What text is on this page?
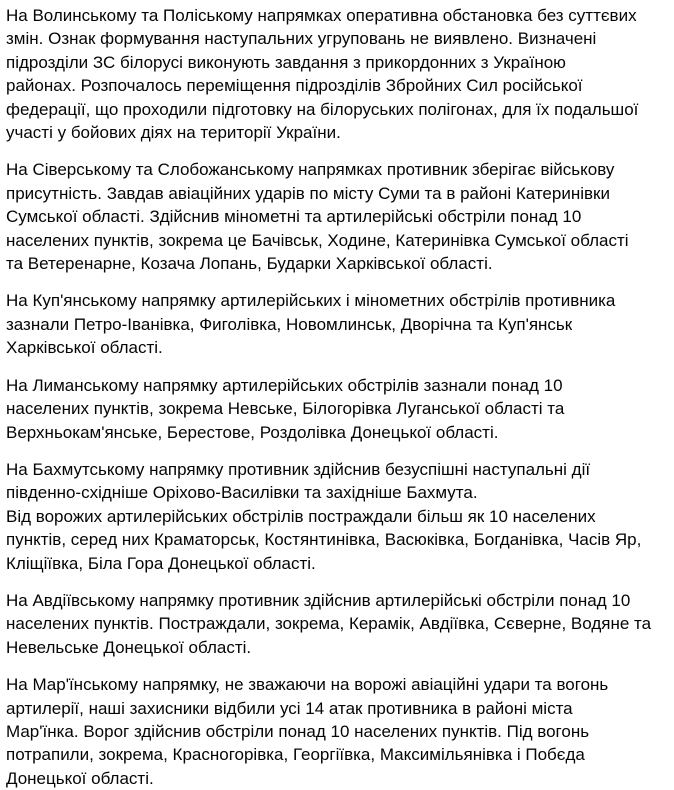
На Волинському та Поліському напрямках оперативна обстановка без суттєвих
змін. Ознак формування наступальних угруповань не виявлено. Визначені
підрозділи ЗС білорусі виконують завдання з прикордонних з Україною
районах. Розпочалось переміщення підрозділів Збройних Сил російської
федерації, що проходили підготовку на білоруських полігонах, для їх подальшої
участі у бойових діях на території України.
На Сіверському та Слобожанському напрямках противник зберігає військову
присутність. Завдав авіаційних ударів по місту Суми та в районі Катеринівки
Сумської області. Здійснив мінометні та артилерійські обстріли понад 10
населених пунктів, зокрема це Бачівськ, Ходине, Катеринівка Сумської області
та Ветеренарне, Козача Лопань, Бударки Харківської області.
На Куп'янському напрямку артилерійських і мінометних обстрілів противника
зазнали Петро-Іванівка, Фиголівка, Новомлинськ, Дворічна та Куп'янськ
Харківської області.
На Лиманському напрямку артилерійських обстрілів зазнали понад 10
населених пунктів, зокрема Невське, Білогорівка Луганської області та
Верхньокам'янське, Берестове, Роздолівка Донецької області.
На Бахмутському напрямку противник здійснив безуспішні наступальні дії
південно-східніше Оріхово-Василівки та західніше Бахмута.
Від ворожих артилерійських обстрілів постраждали більш як 10 населених
пунктів, серед них Краматорськ, Костянтинівка, Васюківка, Богданівка, Часів Яр,
Кліщіївка, Біла Гора Донецької області.
На Авдіївському напрямку противник здійснив артилерійські обстріли понад 10
населених пунктів. Постраждали, зокрема, Керамік, Авдіївка, Сєверне, Водяне та
Невельське Донецької області.
На Мар'їнському напрямку, не зважаючи на ворожі авіаційні удари та вогонь
артилерії, наші захисники відбили усі 14 атак противника в районі міста
Мар'їнка. Ворог здійснив обстріли понад 10 населених пунктів. Під вогонь
потрапили, зокрема, Красногорівка, Георгіївка, Максимільянівка і Побєда
Донецької області.
